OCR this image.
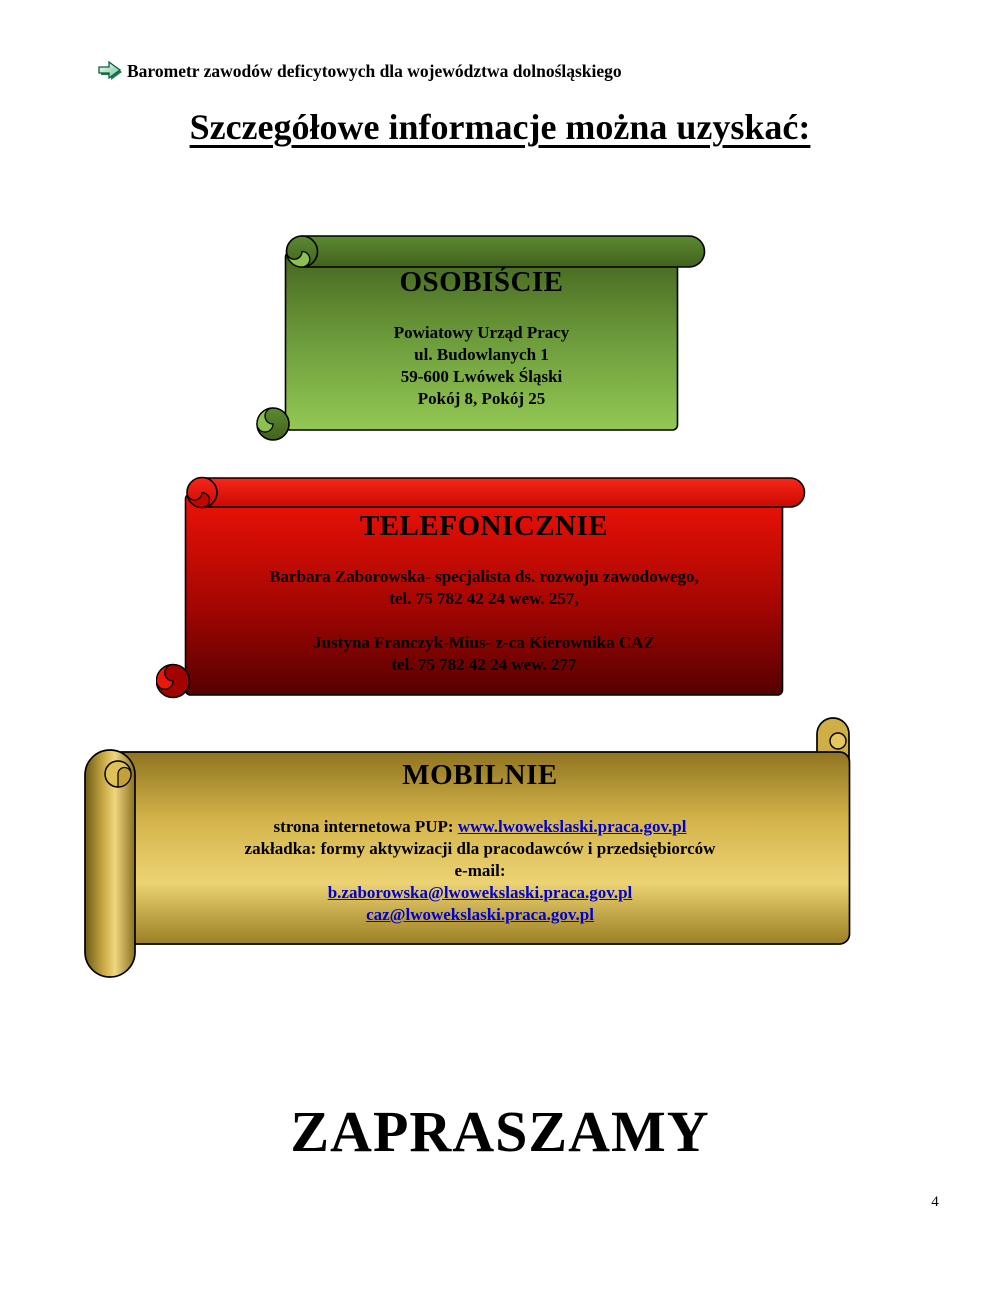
Barometr zawodów deficytowych dla województwa dolnośląskiego
Szczegółowe informacje można uzyskać:
OSOBIŚCIE
Powiatowy Urząd Pracy
ul. Budowlanych 1
59-600 Lwówek Śląski
Pokój 8, Pokój 25
TELEFONICZNIE
Barbara Zaborowska- specjalista ds. rozwoju zawodowego,
tel. 75 782 42 24 wew. 257,
Justyna Franczyk-Mius- z-ca Kierownika CAZ
tel. 75 782 42 24 wew. 277
MOBILNIE
strona internetowa PUP: www.lwowekslaski.praca.gov.pl
zakładka: formy aktywizacji dla pracodawców i przedsiębiorców
e-mail:
b.zaborowska@lwowekslaski.praca.gov.pl
caz@lwowekslaski.praca.gov.pl
ZAPRASZAMY
4
